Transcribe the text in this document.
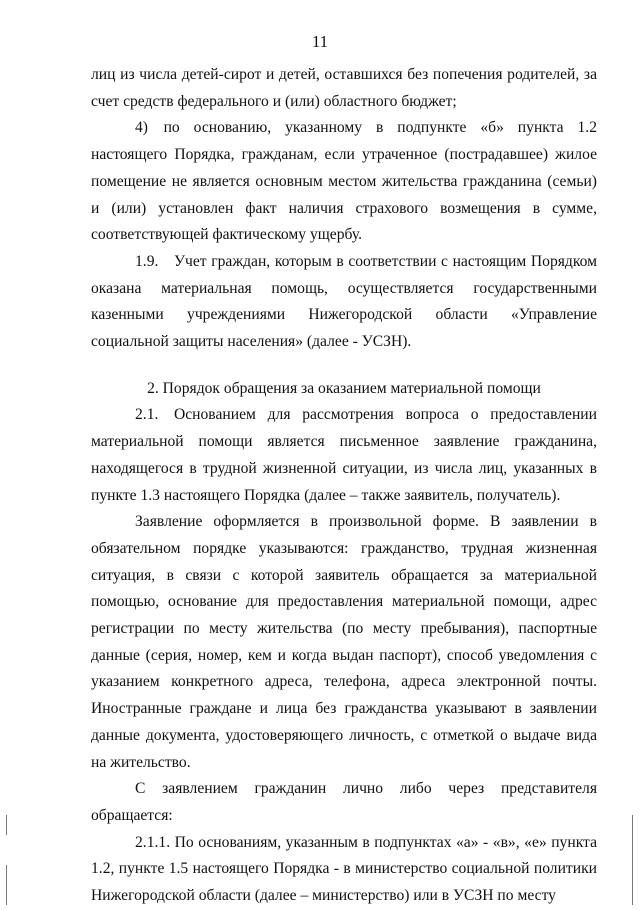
11

лиц из числа детей-сирот и детей, оставшихся без попечения родителей, за счет средств федерального и (или) областного бюджет;

4) по основанию, указанному в подпункте «б» пункта 1.2 настоящего Порядка, гражданам, если утраченное (пострадавшее) жилое помещение не является основным местом жительства гражданина (семьи) и (или) установлен факт наличия страхового возмещения в сумме, соответствующей фактическому ущербу.

1.9. Учет граждан, которым в соответствии с настоящим Порядком оказана материальная помощь, осуществляется государственными казенными учреждениями Нижегородской области «Управление социальной защиты населения» (далее - УСЗН).

2. Порядок обращения за оказанием материальной помощи

2.1. Основанием для рассмотрения вопроса о предоставлении материальной помощи является письменное заявление гражданина, находящегося в трудной жизненной ситуации, из числа лиц, указанных в пункте 1.3 настоящего Порядка (далее – также заявитель, получатель).

Заявление оформляется в произвольной форме. В заявлении в обязательном порядке указываются: гражданство, трудная жизненная ситуация, в связи с которой заявитель обращается за материальной помощью, основание для предоставления материальной помощи, адрес регистрации по месту жительства (по месту пребывания), паспортные данные (серия, номер, кем и когда выдан паспорт), способ уведомления с указанием конкретного адреса, телефона, адреса электронной почты. Иностранные граждане и лица без гражданства указывают в заявлении данные документа, удостоверяющего личность, с отметкой о выдаче вида на жительство.

С заявлением гражданин лично либо через представителя обращается:

2.1.1. По основаниям, указанным в подпунктах «а» - «в», «е» пункта 1.2, пункте 1.5 настоящего Порядка - в министерство социальной политики Нижегородской области (далее – министерство) или в УСЗН по месту
